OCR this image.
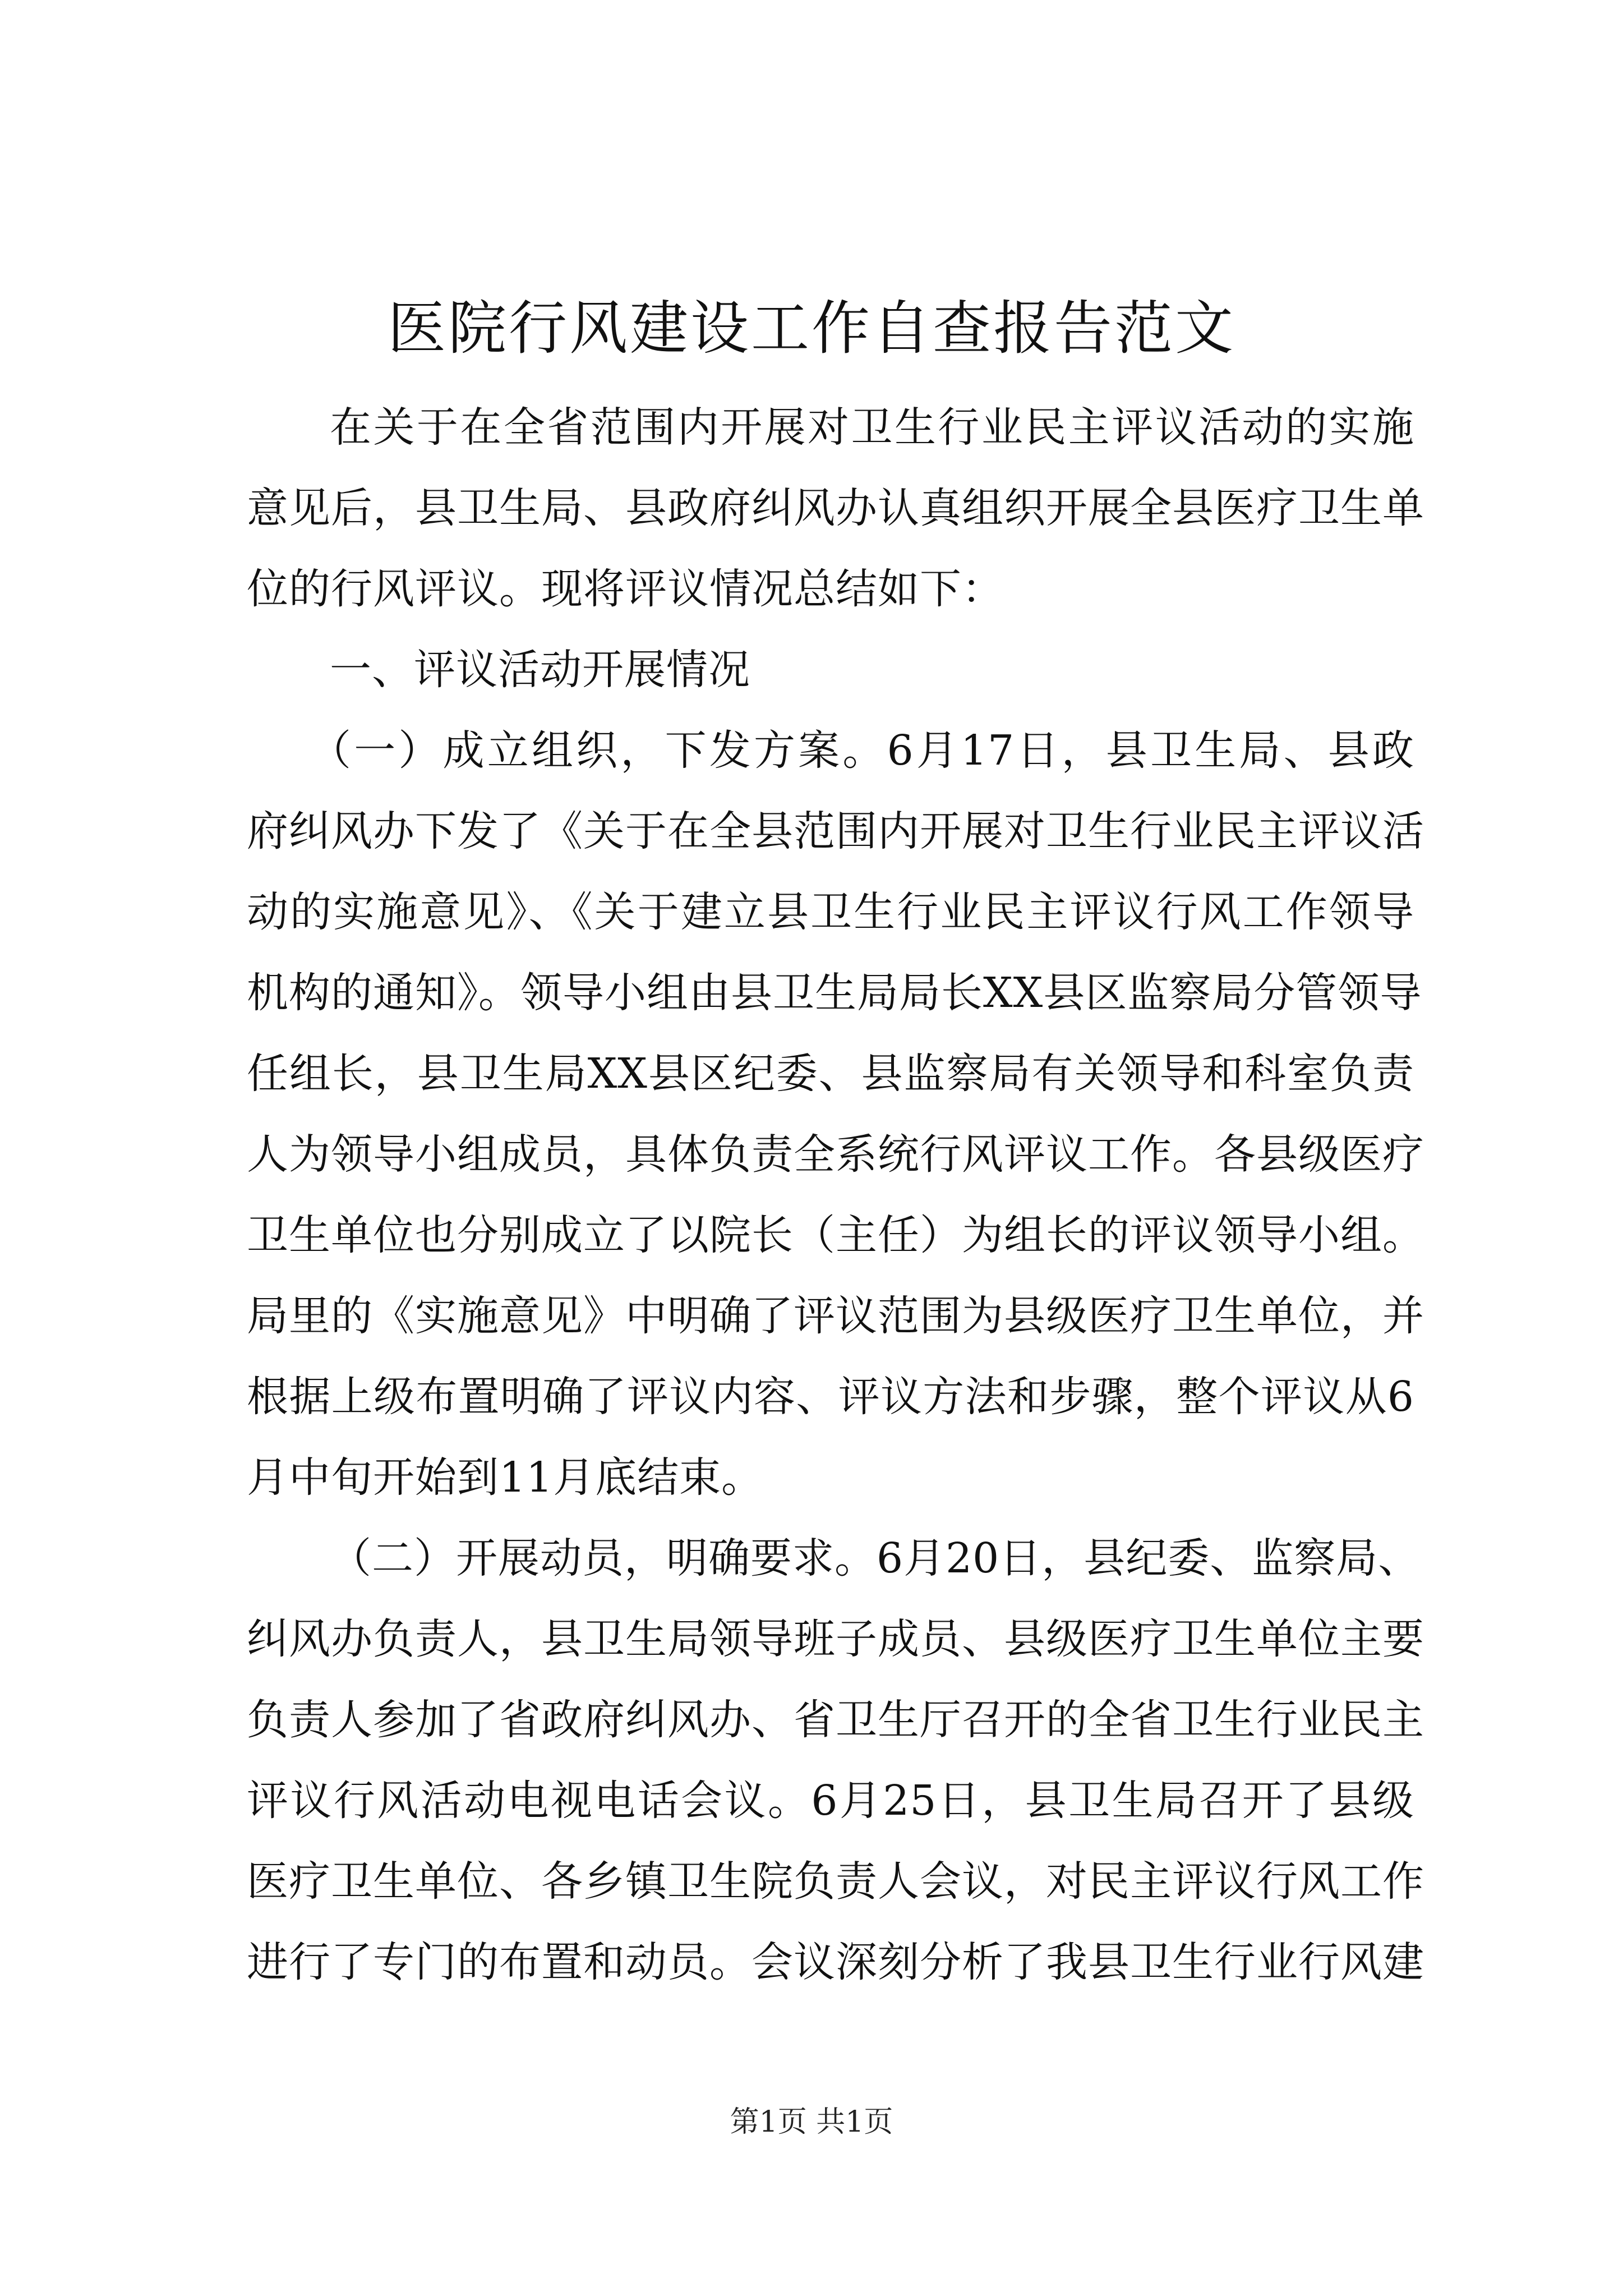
医院行风建设工作自查报告范文
在关于在全省范围内开展对卫生行业民主评议活动的实施
意见后，县卫生局、县政府纠风办认真组织开展全县医疗卫生单
位的行风评议。现将评议情况总结如下：
一、评议活动开展情况
（一）成立组织，下发方案。6月17日，县卫生局、县政
府纠风办下发了《关于在全县范围内开展对卫生行业民主评议活
动的实施意见》、《关于建立县卫生行业民主评议行风工作领导
机构的通知》。领导小组由县卫生局局长XX县区监察局分管领导
任组长，县卫生局XX县区纪委、县监察局有关领导和科室负责
人为领导小组成员，具体负责全系统行风评议工作。各县级医疗
卫生单位也分别成立了以院长（主任）为组长的评议领导小组。
局里的《实施意见》中明确了评议范围为县级医疗卫生单位，并
根据上级布置明确了评议内容、评议方法和步骤，整个评议从6
月中旬开始到11月底结束。
（二）开展动员，明确要求。6月20日，县纪委、监察局、
纠风办负责人，县卫生局领导班子成员、县级医疗卫生单位主要
负责人参加了省政府纠风办、省卫生厅召开的全省卫生行业民主
评议行风活动电视电话会议。6月25日，县卫生局召开了县级
医疗卫生单位、各乡镇卫生院负责人会议，对民主评议行风工作
进行了专门的布置和动员。会议深刻分析了我县卫生行业行风建
第1页 共1页
